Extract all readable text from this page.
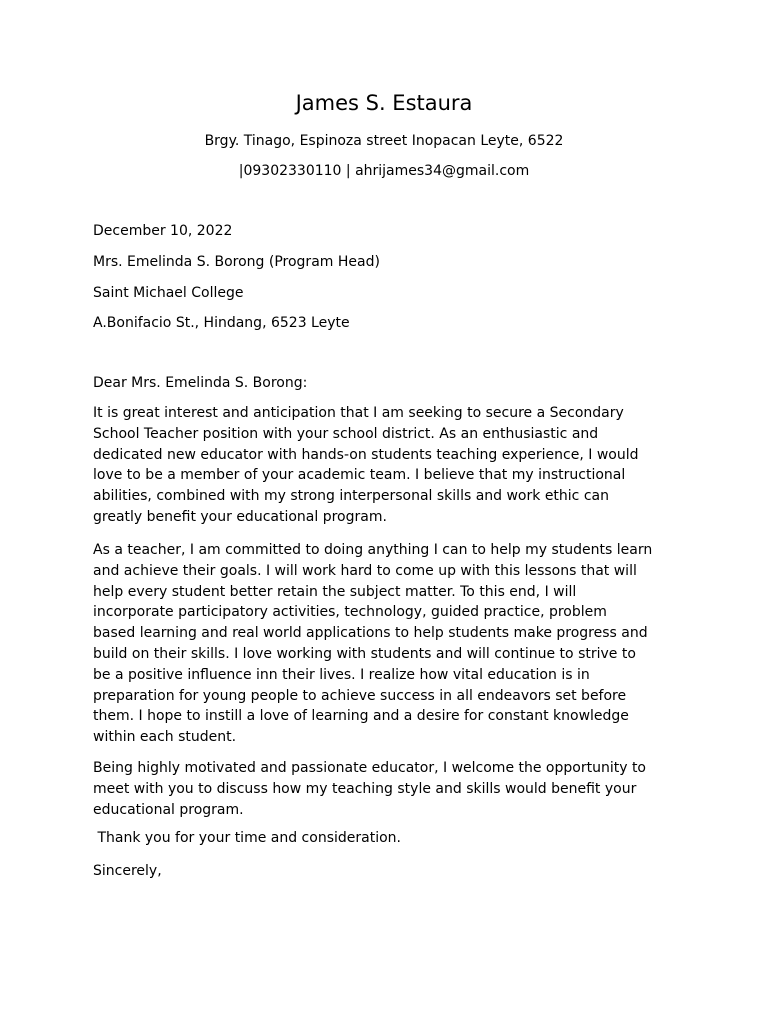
James S. Estaura
Brgy. Tinago, Espinoza street Inopacan Leyte, 6522
|09302330110 | ahrijames34@gmail.com
December 10, 2022
Mrs. Emelinda S. Borong (Program Head)
Saint Michael College
A.Bonifacio St., Hindang, 6523 Leyte
Dear Mrs. Emelinda S. Borong:
It is great interest and anticipation that I am seeking to secure a Secondary
School Teacher position with your school district. As an enthusiastic and
dedicated new educator with hands-on students teaching experience, I would
love to be a member of your academic team. I believe that my instructional
abilities, combined with my strong interpersonal skills and work ethic can
greatly benefit your educational program.
As a teacher, I am committed to doing anything I can to help my students learn
and achieve their goals. I will work hard to come up with this lessons that will
help every student better retain the subject matter. To this end, I will
incorporate participatory activities, technology, guided practice, problem
based learning and real world applications to help students make progress and
build on their skills. I love working with students and will continue to strive to
be a positive influence inn their lives. I realize how vital education is in
preparation for young people to achieve success in all endeavors set before
them. I hope to instill a love of learning and a desire for constant knowledge
within each student.
Being highly motivated and passionate educator, I welcome the opportunity to
meet with you to discuss how my teaching style and skills would benefit your
educational program.
Thank you for your time and consideration.
Sincerely,
